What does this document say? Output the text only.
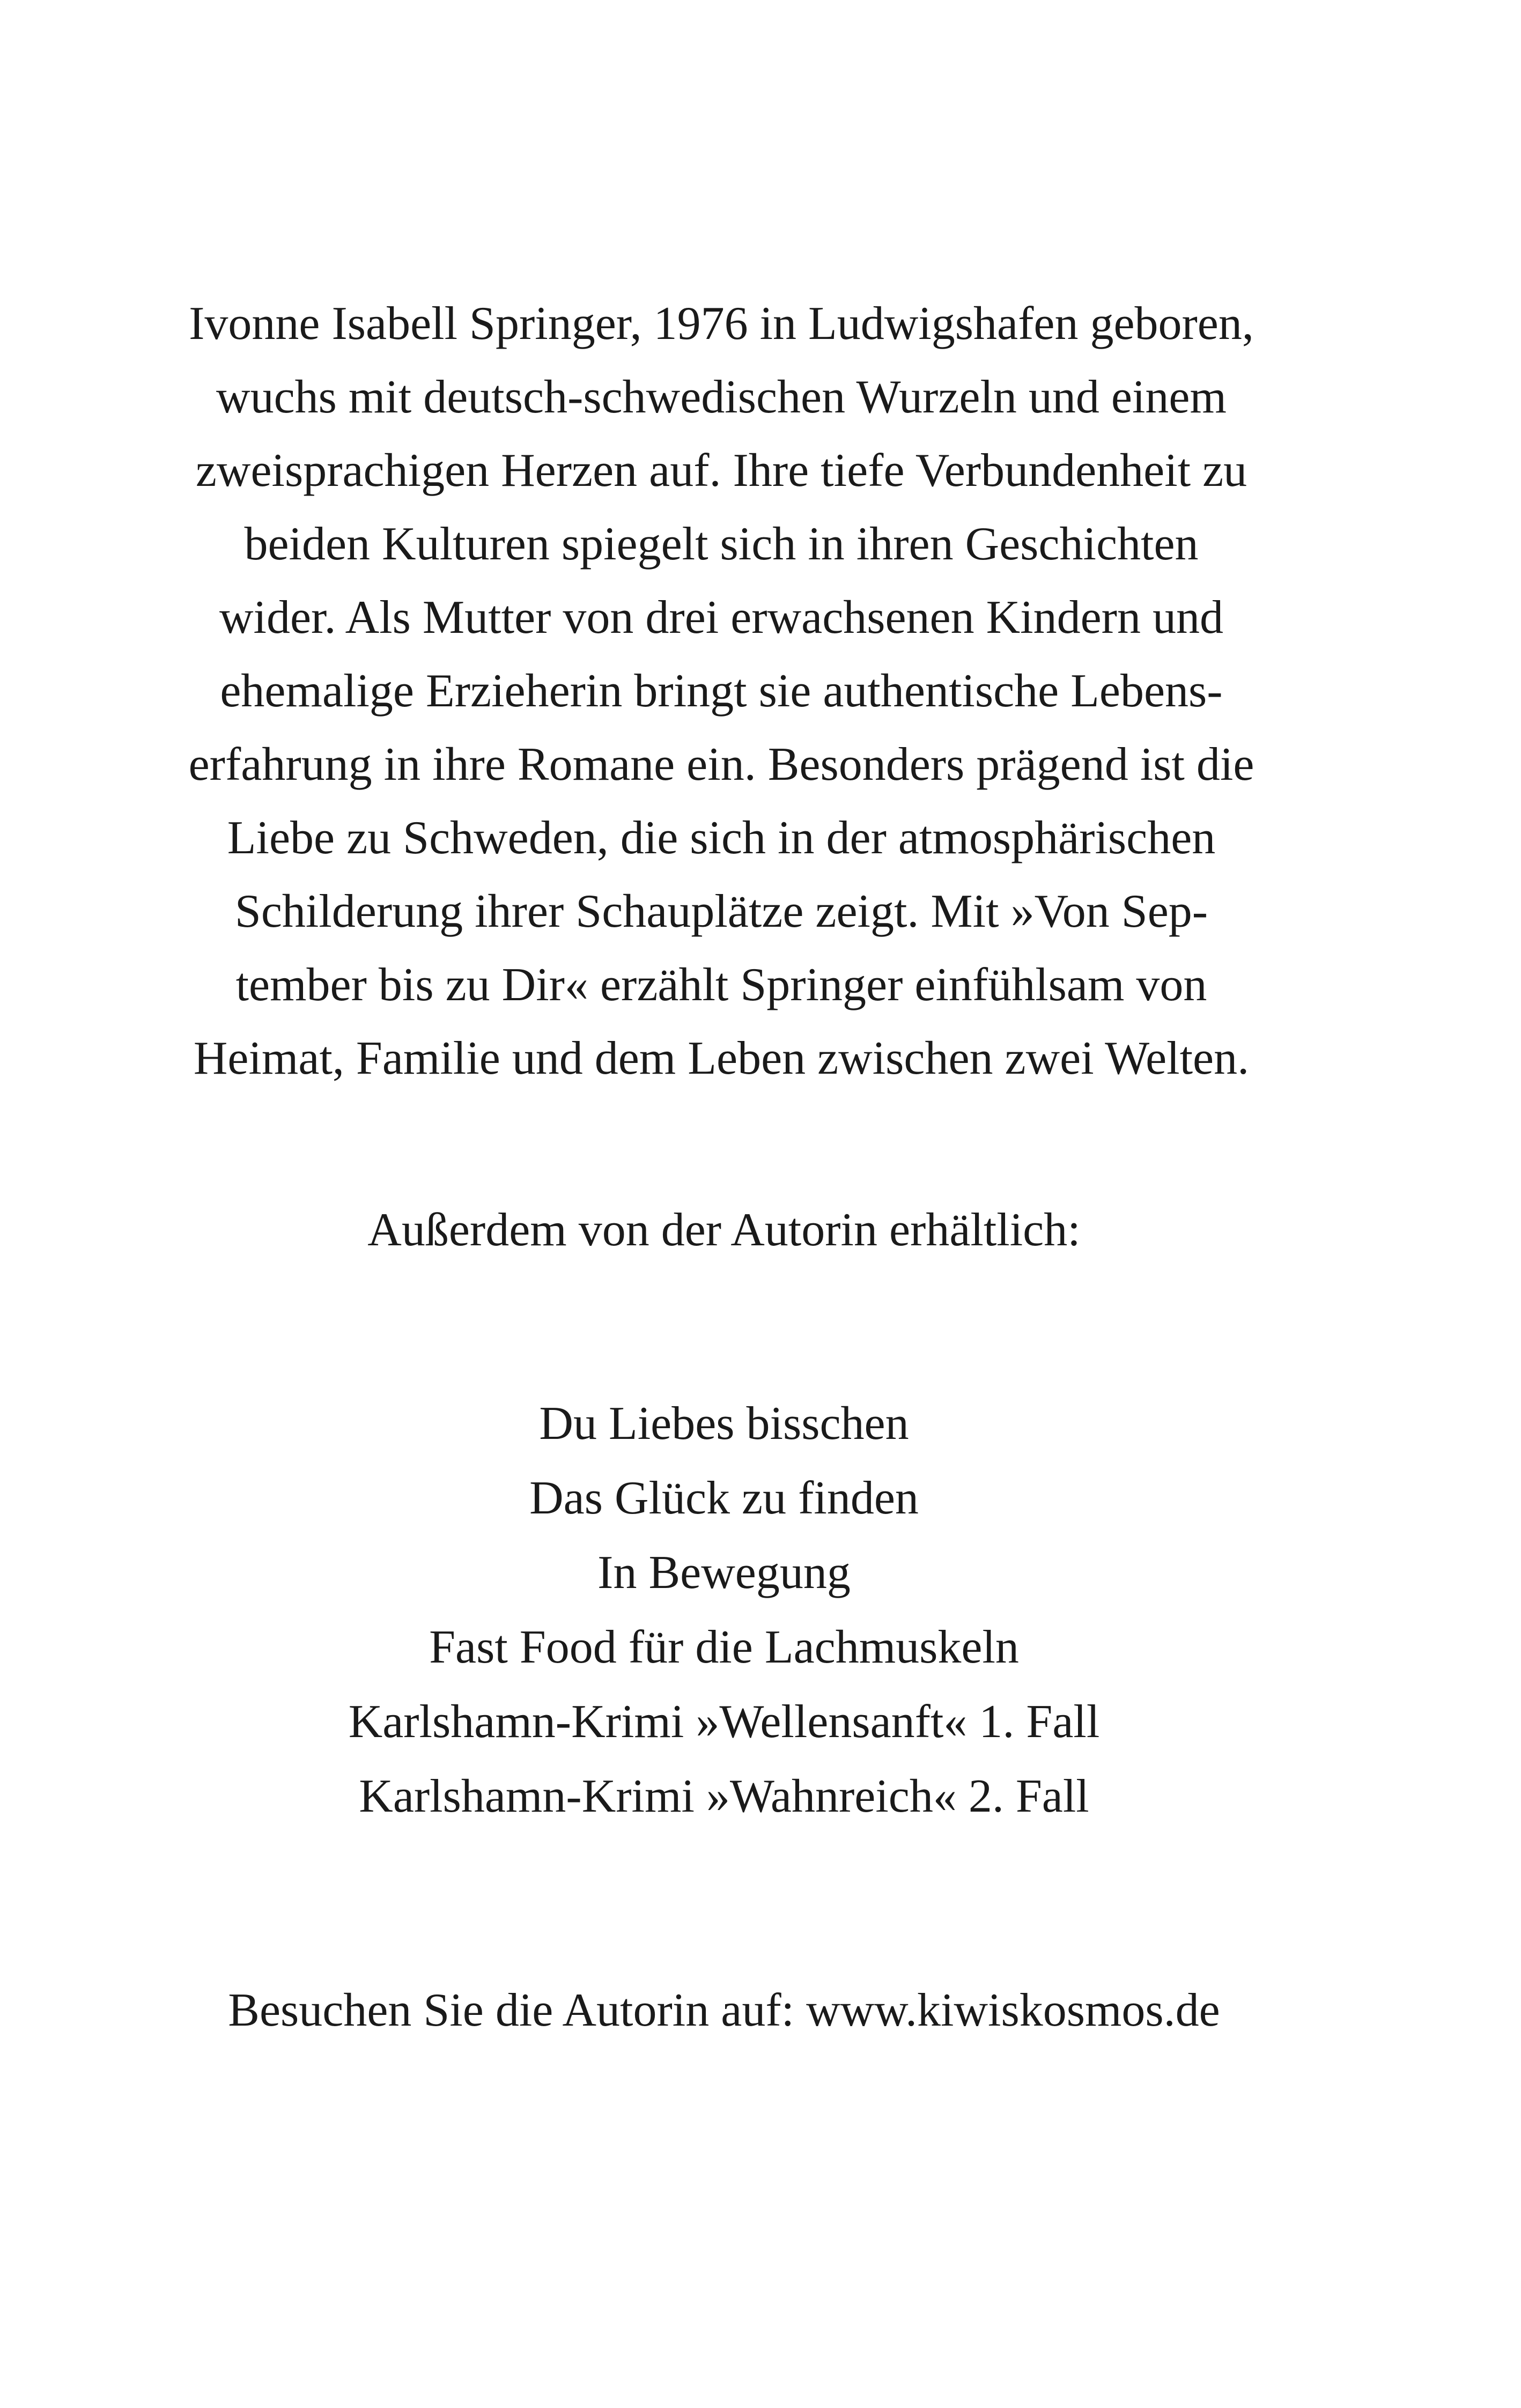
Ivonne Isabell Springer, 1976 in Ludwigshafen geboren,
wuchs mit deutsch-schwedischen Wurzeln und einem
zweisprachigen Herzen auf. Ihre tiefe Verbundenheit zu
beiden Kulturen spiegelt sich in ihren Geschichten
wider. Als Mutter von drei erwachsenen Kindern und
ehemalige Erzieherin bringt sie authentische Lebens-
erfahrung in ihre Romane ein. Besonders prägend ist die
Liebe zu Schweden, die sich in der atmosphärischen
Schilderung ihrer Schauplätze zeigt. Mit »Von Sep-
tember bis zu Dir« erzählt Springer einfühlsam von
Heimat, Familie und dem Leben zwischen zwei Welten.
Außerdem von der Autorin erhältlich:
Du Liebes bisschen
Das Glück zu finden
In Bewegung
Fast Food für die Lachmuskeln
Karlshamn-Krimi »Wellensanft« 1. Fall
Karlshamn-Krimi »Wahnreich« 2. Fall
Besuchen Sie die Autorin auf: www.kiwiskosmos.de
